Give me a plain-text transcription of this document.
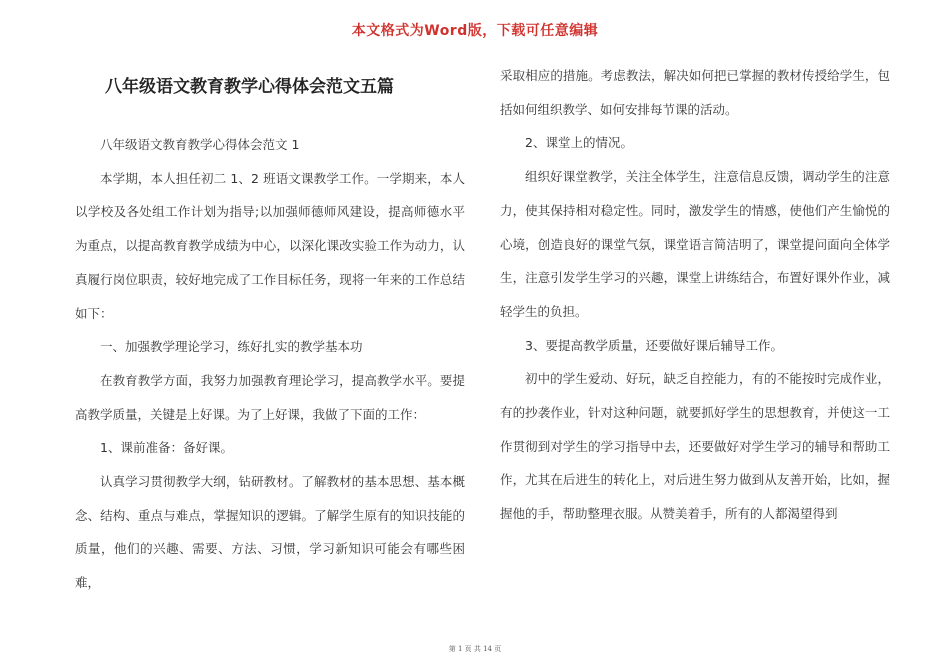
本文格式为Word版，下载可任意编辑
八年级语文教育教学心得体会范文五篇

八年级语文教育教学心得体会范文 1

本学期，本人担任初二 1、2 班语文课教学工作。一学期来，本人以学校及各处组工作计划为指导;以加强师德师风建设，提高师德水平为重点，以提高教育教学成绩为中心，以深化课改实验工作为动力，认真履行岗位职责，较好地完成了工作目标任务，现将一年来的工作总结如下：

一、加强教学理论学习，练好扎实的教学基本功

在教育教学方面，我努力加强教育理论学习，提高教学水平。要提高教学质量，关键是上好课。为了上好课，我做了下面的工作：

1、课前准备：备好课。

认真学习贯彻教学大纲，钻研教材。了解教材的基本思想、基本概念、结构、重点与难点，掌握知识的逻辑。了解学生原有的知识技能的质量，他们的兴趣、需要、方法、习惯，学习新知识可能会有哪些困难，

采取相应的措施。考虑教法，解决如何把已掌握的教材传授给学生，包括如何组织教学、如何安排每节课的活动。

2、课堂上的情况。

组织好课堂教学，关注全体学生，注意信息反馈，调动学生的注意力，使其保持相对稳定性。同时，激发学生的情感，使他们产生愉悦的心境，创造良好的课堂气氛，课堂语言简洁明了，课堂提问面向全体学生，注意引发学生学习的兴趣，课堂上讲练结合，布置好课外作业，减轻学生的负担。

3、要提高教学质量，还要做好课后辅导工作。

初中的学生爱动、好玩，缺乏自控能力，有的不能按时完成作业，有的抄袭作业，针对这种问题，就要抓好学生的思想教育，并使这一工作贯彻到对学生的学习指导中去，还要做好对学生学习的辅导和帮助工作，尤其在后进生的转化上，对后进生努力做到从友善开始，比如，握握他的手，帮助整理衣服。从赞美着手，所有的人都渴望得到

第 1 页 共 14 页
